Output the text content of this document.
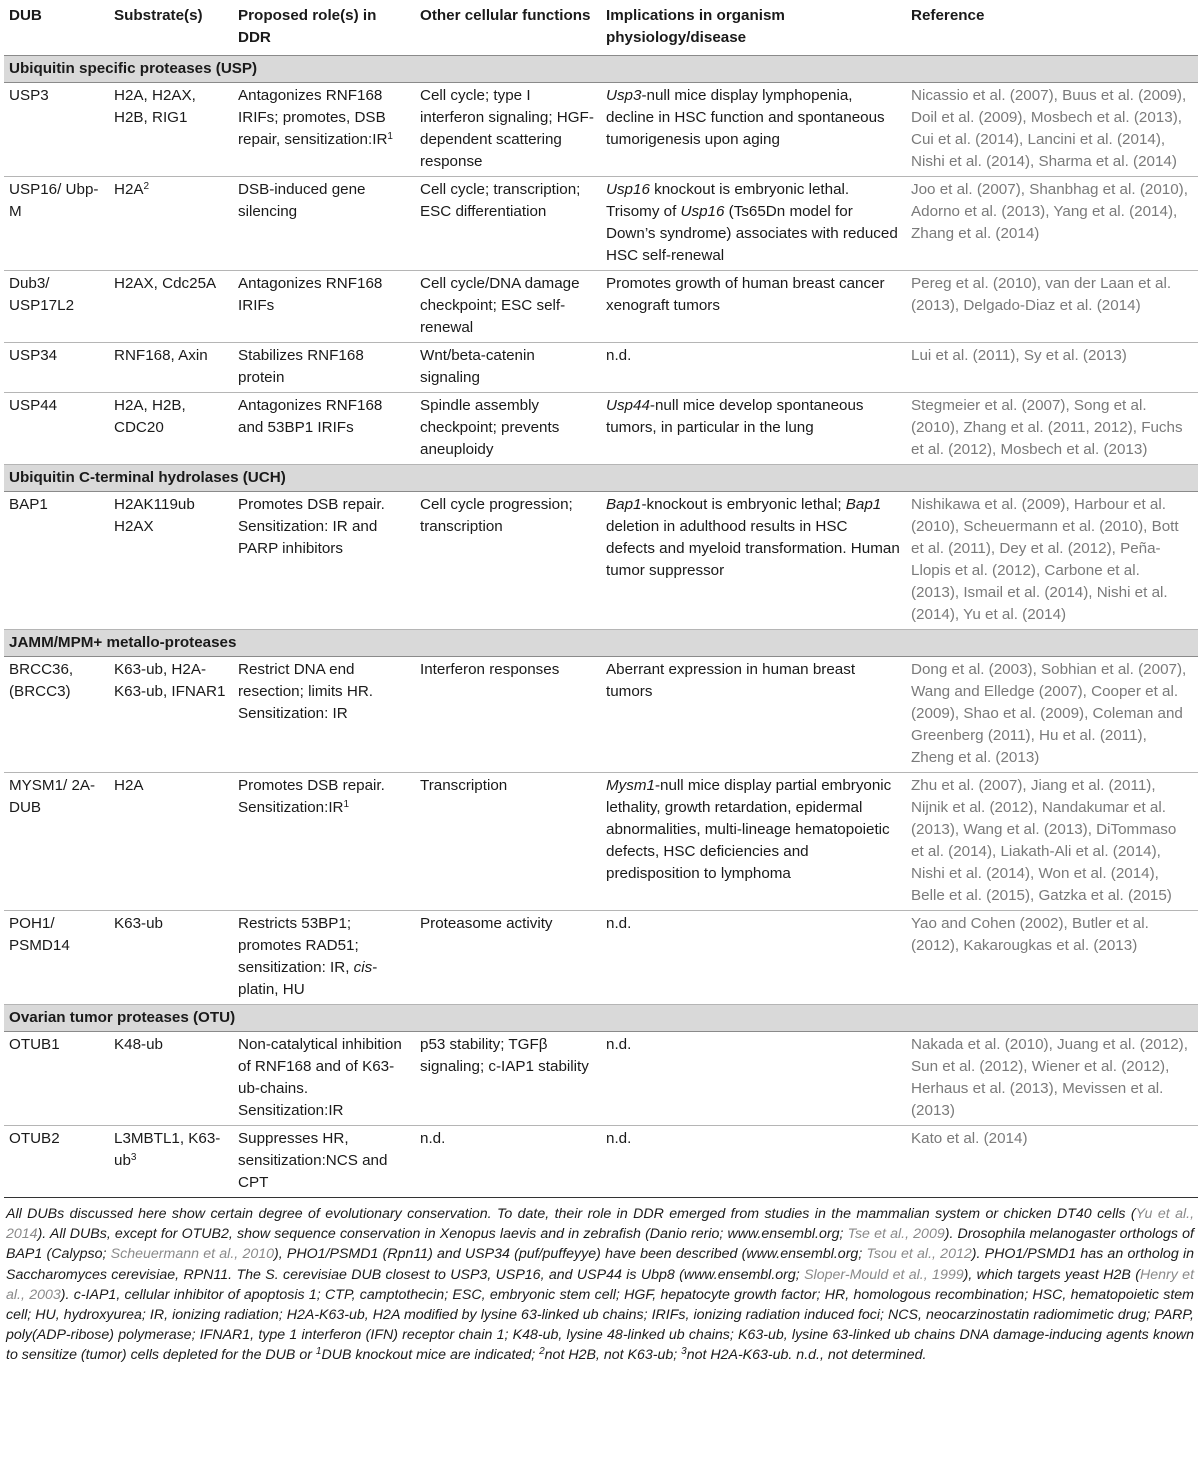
DUB	Substrate(s)	Proposed role(s) in DDR	Other cellular functions	Implications in organism physiology/disease	Reference
Ubiquitin specific proteases (USP)					
USP3	H2A, H2AX, H2B, RIG1	Antagonizes RNF168 IRIFs; promotes, DSB repair, $sensitization:IR^1$	Cell cycle; type I interferon signaling; HGF-dependent scattering response	Usp3-null mice display lymphopenia, decline in HSC function and spontaneous tumorigenesis upon aging	Nicassio et al. (2007), Buus et al. (2009), Doil et al. (2009), Mosbech et al. (2013), Cui et al. (2014), Lancini et al. (2014), Nishi et al. (2014), Sharma et al. (2014)
USP16/ Ubp-M	$H2A^2$	DSB-induced gene silencing	Cell cycle; transcription; ESC differentiation	Usp16 knockout is embryonic lethal. Trisomy of Usp16 (Ts65Dn model for Down’s syndrome) associates with reduced HSC self-renewal	Joo et al. (2007), Shanbhag et al. (2010), Adorno et al. (2013), Yang et al. (2014), Zhang et al. (2014)
Dub3/ USP17L2	H2AX, Cdc25A	Antagonizes RNF168 IRIFs	Cell cycle/DNA damage checkpoint; ESC self-renewal	Promotes growth of human breast cancer xenograft tumors	Pereg et al. (2010), van der Laan et al. (2013), Delgado-Diaz et al. (2014)
USP34	RNF168, Axin	Stabilizes RNF168 protein	Wnt/beta-catenin signaling	n.d.	Lui et al. (2011), Sy et al. (2013)
USP44	H2A, H2B, CDC20	Antagonizes RNF168 and 53BP1 IRIFs	Spindle assembly checkpoint; prevents aneuploidy	Usp44-null mice develop spontaneous tumors, in particular in the lung	Stegmeier et al. (2007), Song et al. (2010), Zhang et al. (2011, 2012), Fuchs et al. (2012), Mosbech et al. (2013)
Ubiquitin C-terminal hydrolases (UCH)					
BAP1	H2AK119ub H2AX	Promotes DSB repair. Sensitization: IR and PARP inhibitors	Cell cycle progression; transcription	Bap1-knockout is embryonic lethal; Bap1 deletion in adulthood results in HSC defects and myeloid transformation. Human tumor suppressor	Nishikawa et al. (2009), Harbour et al. (2010), Scheuermann et al. (2010), Bott et al. (2011), Dey et al. (2012), Peña-Llopis et al. (2012), Carbone et al. (2013), Ismail et al. (2014), Nishi et al. (2014), Yu et al. (2014)
JAMM/MPM+ metallo-proteases					
BRCC36, (BRCC3)	K63-ub, H2A-K63-ub, IFNAR1	Restrict DNA end resection; limits HR. Sensitization: IR	Interferon responses	Aberrant expression in human breast tumors	Dong et al. (2003), Sobhian et al. (2007), Wang and Elledge (2007), Cooper et al. (2009), Shao et al. (2009), Coleman and Greenberg (2011), Hu et al. (2011), Zheng et al. (2013)
MYSM1/ 2A-DUB	H2A	Promotes DSB repair. $Sensitization:IR^1$	Transcription	Mysm1-null mice display partial embryonic lethality, growth retardation, epidermal abnormalities, multi-lineage hematopoietic defects, HSC deficiencies and predisposition to lymphoma	Zhu et al. (2007), Jiang et al. (2011), Nijnik et al. (2012), Nandakumar et al. (2013), Wang et al. (2013), DiTommaso et al. (2014), Liakath-Ali et al. (2014), Nishi et al. (2014), Won et al. (2014), Belle et al. (2015), Gatzka et al. (2015)
POH1/ PSMD14	K63-ub	Restricts 53BP1; promotes RAD51; sensitization: IR, cis-platin, HU	Proteasome activity	n.d.	Yao and Cohen (2002), Butler et al. (2012), Kakarougkas et al. (2013)
Ovarian tumor proteases (OTU)					
OTUB1	K48-ub	Non-catalytical inhibition of RNF168 and of K63-ub-chains. Sensitization:IR	p53 stability; TGFβ signaling; c-IAP1 stability	n.d.	Nakada et al. (2010), Juang et al. (2012), Sun et al. (2012), Wiener et al. (2012), Herhaus et al. (2013), Mevissen et al. (2013)
OTUB2	L3MBTL1, $K63-ub^3$	Suppresses HR, sensitization:NCS and CPT	n.d.	n.d.	Kato et al. (2014)
All DUBs discussed here show certain degree of evolutionary conservation. To date, their role in DDR emerged from studies in the mammalian system or chicken DT40 cells (Yu et al., 2014). All DUBs, except for OTUB2, show sequence conservation in Xenopus laevis and in zebrafish (Danio rerio; www.ensembl.org; Tse et al., 2009). Drosophila melanogaster orthologs of BAP1 (Calypso; Scheuermann et al., 2010), PHO1/PSMD1 (Rpn11) and USP34 (puf/puffeyye) have been described (www.ensembl.org; Tsou et al., 2012). PHO1/PSMD1 has an ortholog in Saccharomyces cerevisiae, RPN11. The S. cerevisiae DUB closest to USP3, USP16, and USP44 is Ubp8 (www.ensembl.org; Sloper-Mould et al., 1999), which targets yeast H2B (Henry et al., 2003). c-IAP1, cellular inhibitor of apoptosis 1; CTP, camptothecin; ESC, embryonic stem cell; HGF, hepatocyte growth factor; HR, homologous recombination; HSC, hematopoietic stem cell; HU, hydroxyurea; IR, ionizing radiation; H2A-K63-ub, H2A modified by lysine 63-linked ub chains; IRIFs, ionizing radiation induced foci; NCS, neocarzinostatin radiomimetic drug; PARP, poly(ADP-ribose) polymerase; IFNAR1, type 1 interferon (IFN) receptor chain 1; K48-ub, lysine 48-linked ub chains; K63-ub, lysine 63-linked ub chains DNA damage-inducing agents known to sensitize (tumor) cells depleted for the DUB or $^1$DUB knockout mice are indicated; $^2$not H2B, not K63-ub; $^3$not H2A-K63-ub. n.d., not determined.
